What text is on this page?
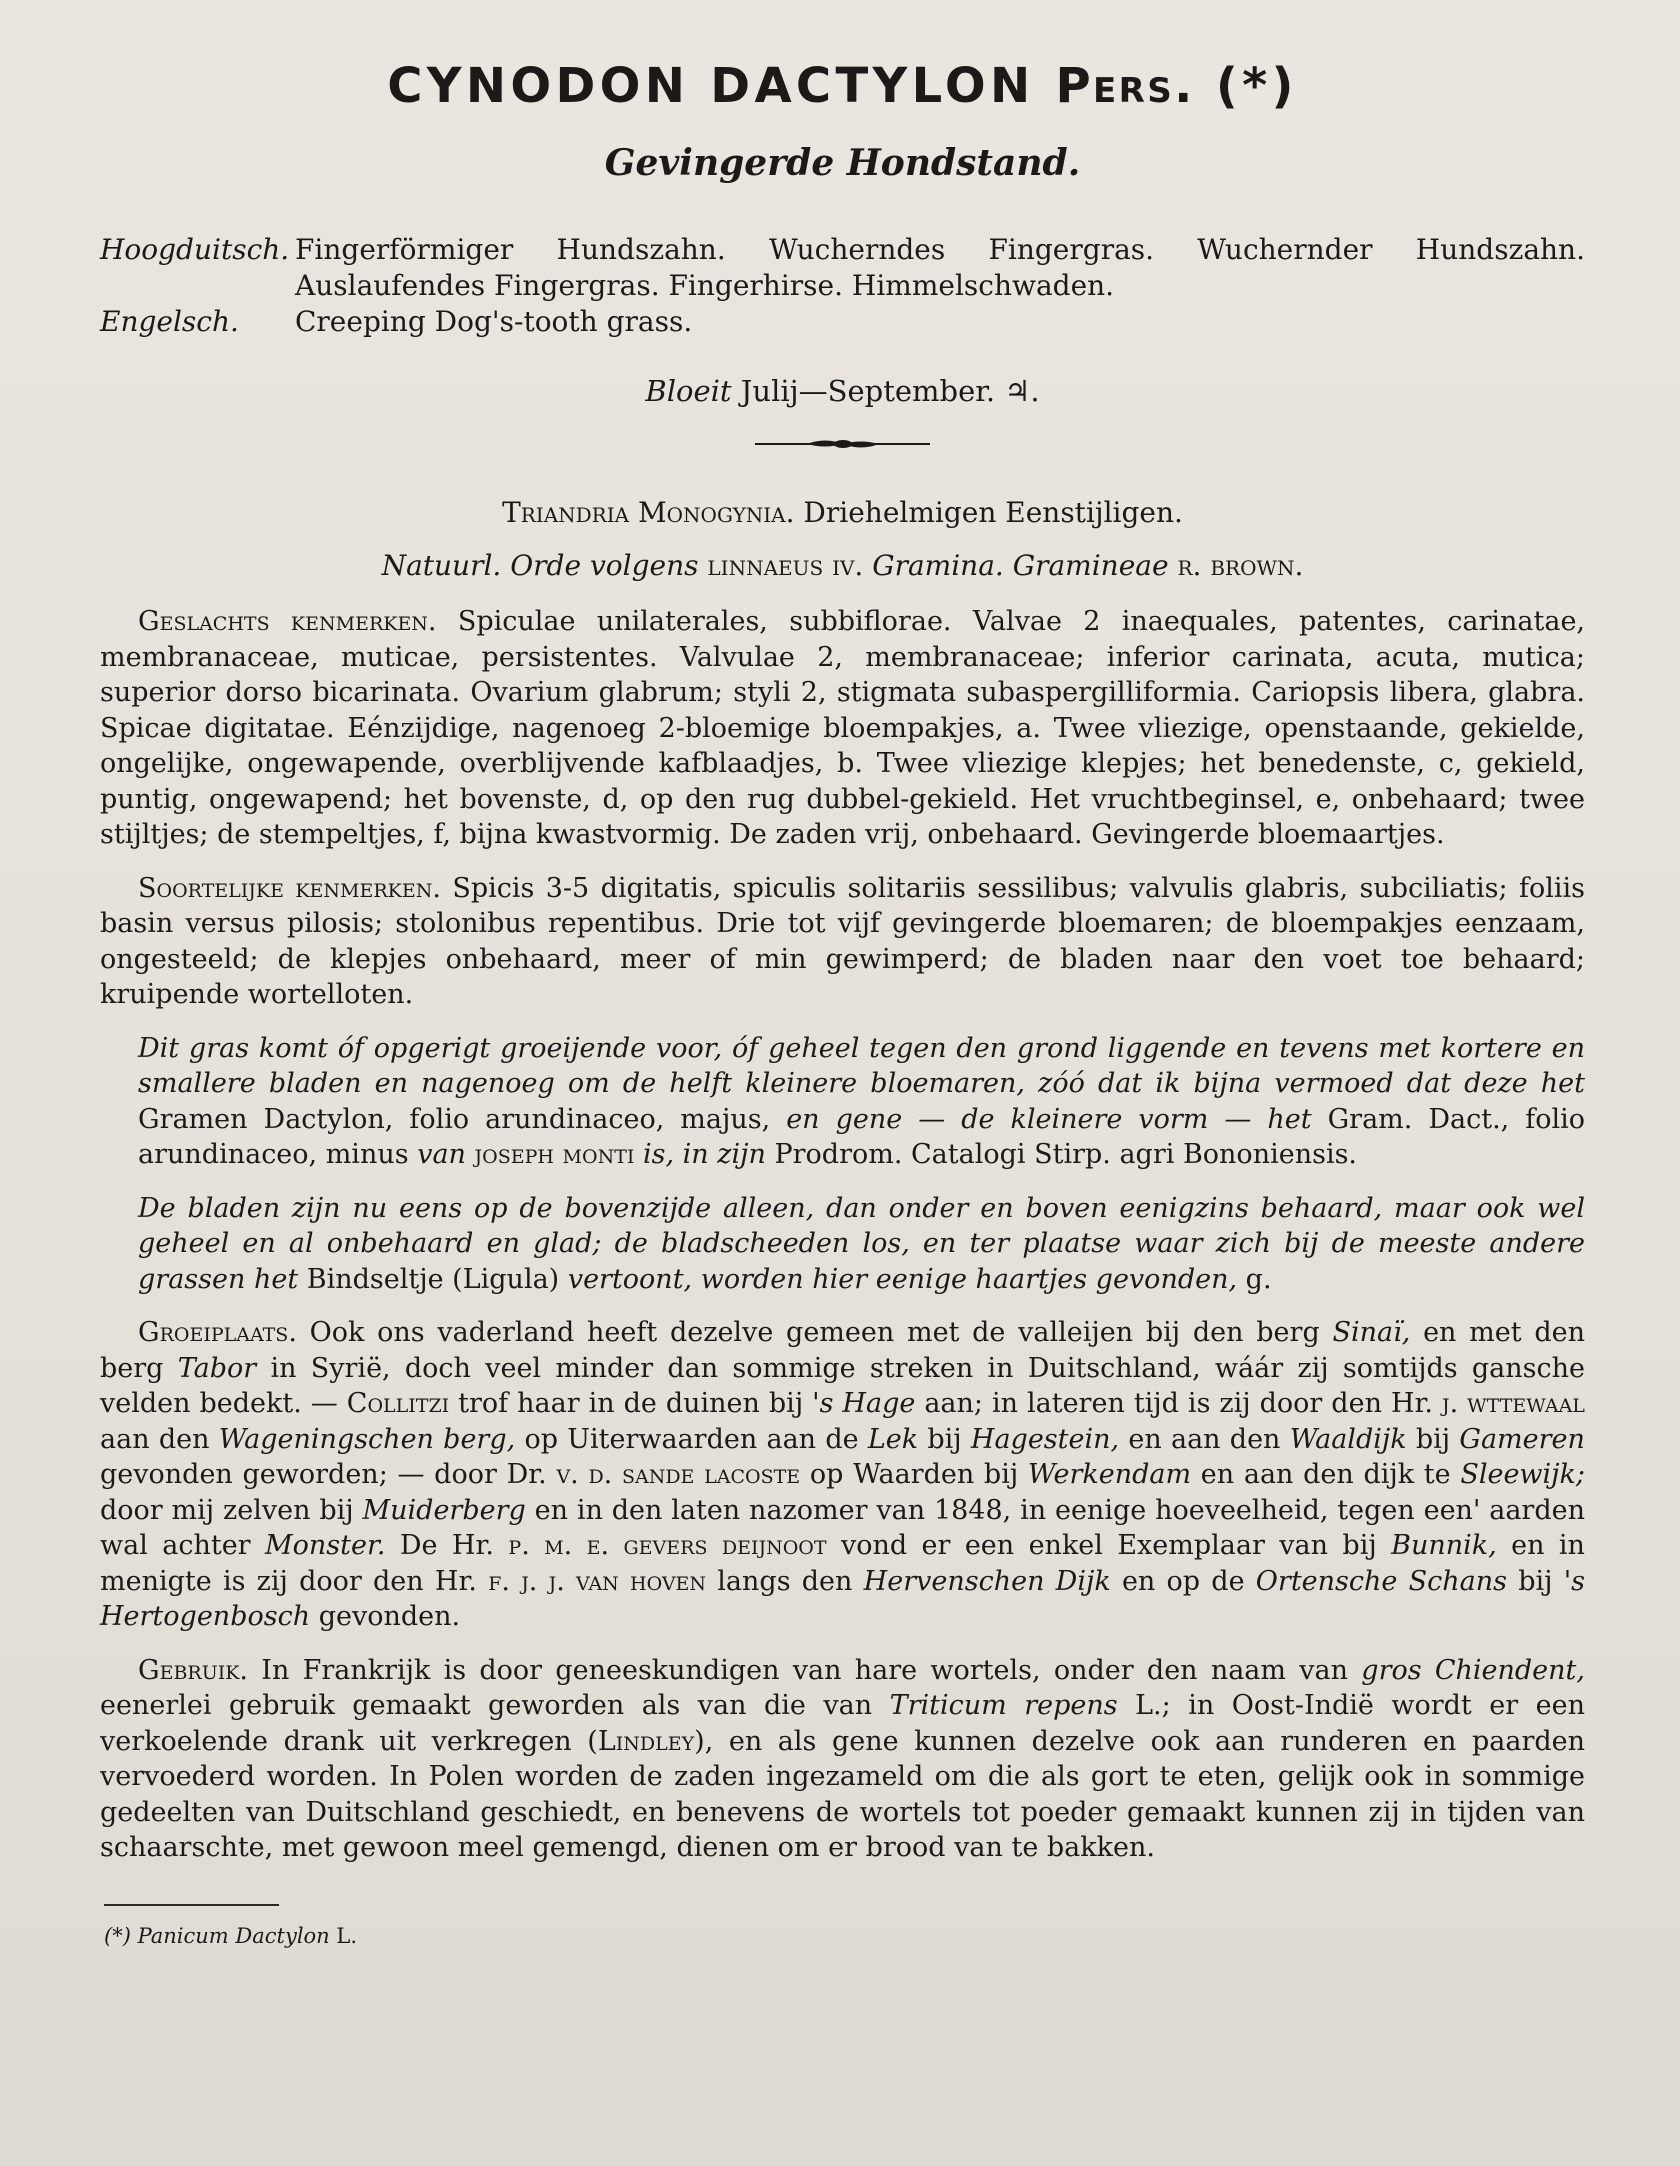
CYNODON DACTYLON Pers. (*)
Gevingerde Hondstand.
Hoogduitsch. Fingerförmiger Hundszahn. Wucherndes Fingergras. Wuchernder Hundszahn. Auslaufendes Fingergras. Fingerhirse. Himmelschwaden.
Engelsch.	Creeping Dog's-tooth grass.
Bloeit Julij—September. ♃.
Triandria Monogynia. Driehelmigen Eenstijligen.
Natuurl. Orde volgens linnaeus iv. Gramina. Gramineae r. brown.

Geslachts kenmerken. Spiculae unilaterales, subbiflorae. Valvae 2 inaequales, patentes, carinatae, membranaceae, muticae, persistentes. Valvulae 2, membranaceae; inferior carinata, acuta, mutica; superior dorso bicarinata. Ovarium glabrum; styli 2, stigmata subaspergilliformia. Cariopsis libera, glabra. Spicae digitatae. Eénzijdige, nagenoeg 2-bloemige bloempakjes, a. Twee vliezige, openstaande, gekielde, ongelijke, ongewapende, overblijvende kafblaadjes, b. Twee vliezige klepjes; het benedenste, c, gekield, puntig, ongewapend; het bovenste, d, op den rug dubbel-gekield. Het vruchtbeginsel, e, onbehaard; twee stijltjes; de stempeltjes, f, bijna kwastvormig. De zaden vrij, onbehaard. Gevingerde bloemaartjes.

Soortelijke kenmerken. Spicis 3-5 digitatis, spiculis solitariis sessilibus; valvulis glabris, subciliatis; foliis basin versus pilosis; stolonibus repentibus. Drie tot vijf gevingerde bloemaren; de bloempakjes eenzaam, ongesteeld; de klepjes onbehaard, meer of min gewimperd; de bladen naar den voet toe behaard; kruipende wortelloten.

Dit gras komt óf opgerigt groeijende voor, óf geheel tegen den grond liggende en tevens met kortere en smallere bladen en nagenoeg om de helft kleinere bloemaren, zóó dat ik bijna vermoed dat deze het Gramen Dactylon, folio arundinaceo, majus, en gene — de kleinere vorm — het Gram. Dact., folio arundinaceo, minus van joseph monti is, in zijn Prodrom. Catalogi Stirp. agri Bononiensis.

De bladen zijn nu eens op de bovenzijde alleen, dan onder en boven eenigzins behaard, maar ook wel geheel en al onbehaard en glad; de bladscheeden los, en ter plaatse waar zich bij de meeste andere grassen het Bindseltje (Ligula) vertoont, worden hier eenige haartjes gevonden, g.

Groeiplaats. Ook ons vaderland heeft dezelve gemeen met de valleijen bij den berg Sinaï, en met den berg Tabor in Syrië, doch veel minder dan sommige streken in Duitschland, wáár zij somtijds gansche velden bedekt. — Collitzi trof haar in de duinen bij 's Hage aan; in lateren tijd is zij door den Hr. j. wttewaal aan den Wageningschen berg, op Uiterwaarden aan de Lek bij Hagestein, en aan den Waaldijk bij Gameren gevonden geworden; — door Dr. v. d. sande lacoste op Waarden bij Werkendam en aan den dijk te Sleewijk; door mij zelven bij Muiderberg en in den laten nazomer van 1848, in eenige hoeveelheid, tegen een' aarden wal achter Monster. De Hr. p. m. e. gevers deijnoot vond er een enkel Exemplaar van bij Bunnik, en in menigte is zij door den Hr. f. j. j. van hoven langs den Hervenschen Dijk en op de Ortensche Schans bij 's Hertogenbosch gevonden.

Gebruik. In Frankrijk is door geneeskundigen van hare wortels, onder den naam van gros Chiendent, eenerlei gebruik gemaakt geworden als van die van Triticum repens L.; in Oost-Indië wordt er een verkoelende drank uit verkregen (Lindley), en als gene kunnen dezelve ook aan runderen en paarden vervoederd worden. In Polen worden de zaden ingezameld om die als gort te eten, gelijk ook in sommige gedeelten van Duitschland geschiedt, en benevens de wortels tot poeder gemaakt kunnen zij in tijden van schaarschte, met gewoon meel gemengd, dienen om er brood van te bakken.

(*) Panicum Dactylon L.
